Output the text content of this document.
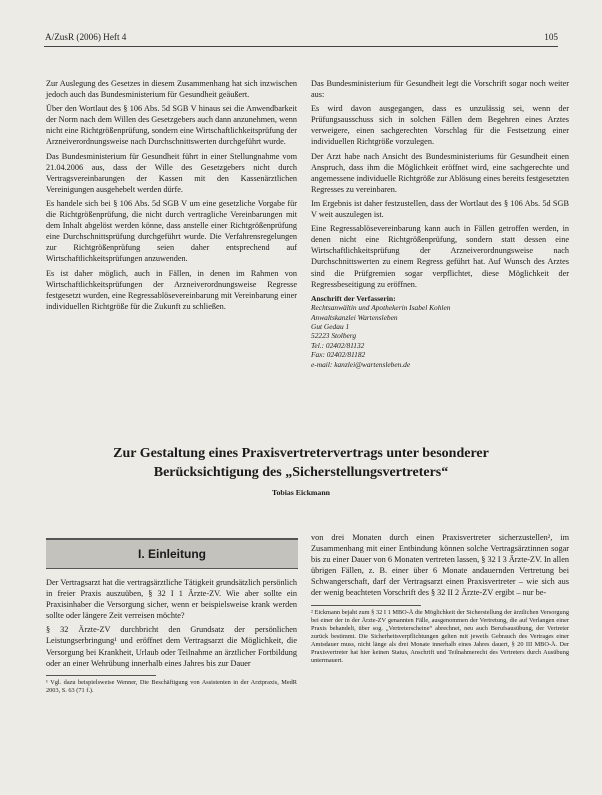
A/ZusR (2006) Heft 4	105

Zur Auslegung des Gesetzes in diesem Zusammenhang hat sich inzwischen jedoch auch das Bundesministerium für Gesundheit geäußert.

Über den Wortlaut des § 106 Abs. 5d SGB V hinaus sei die Anwendbarkeit der Norm nach dem Willen des Gesetzgebers auch dann anzunehmen, wenn nicht eine Richtgrößenprüfung, sondern eine Wirtschaftlichkeitsprüfung der Arzneiverordnungsweise nach Durchschnittswerten durchgeführt wurde.

Das Bundesministerium für Gesundheit führt in einer Stellungnahme vom 21.04.2006 aus, dass der Wille des Gesetzgebers nicht durch Vertragsvereinbarungen der Kassen mit den Kassenärztlichen Vereinigungen ausgehebelt werden dürfe.

Es handele sich bei § 106 Abs. 5d SGB V um eine gesetzliche Vorgabe für die Richtgrößenprüfung, die nicht durch vertragliche Vereinbarungen mit dem Inhalt abgelöst werden könne, dass anstelle einer Richtgrößenprüfung eine Durchschnittsprüfung durchgeführt wurde. Die Verfahrensregelungen zur Richtgrößenprüfung seien daher entsprechend auf Wirtschaftlichkeitsprüfungen anzuwenden.

Es ist daher möglich, auch in Fällen, in denen im Rahmen von Wirtschaftlichkeitsprüfungen der Arzneiverordnungsweise Regresse festgesetzt wurden, eine Regressablösevereinbarung mit Vereinbarung einer individuellen Richtgröße für die Zukunft zu schließen.

Das Bundesministerium für Gesundheit legt die Vorschrift sogar noch weiter aus:

Es wird davon ausgegangen, dass es unzulässig sei, wenn der Prüfungsausschuss sich in solchen Fällen dem Begehren eines Arztes verweigere, einen sachgerechten Vorschlag für die Festsetzung einer individuellen Richtgröße vorzulegen.

Der Arzt habe nach Ansicht des Bundesministeriums für Gesundheit einen Anspruch, dass ihm die Möglichkeit eröffnet wird, eine sachgerechte und angemessene individuelle Richtgröße zur Ablösung eines bereits festgesetzten Regresses zu vereinbaren.

Im Ergebnis ist daher festzustellen, dass der Wortlaut des § 106 Abs. 5d SGB V weit auszulegen ist.

Eine Regressablösevereinbarung kann auch in Fällen getroffen werden, in denen nicht eine Richtgrößenprüfung, sondern statt dessen eine Wirtschaftlichkeitsprüfung der Arzneiverordnungsweise nach Durchschnittswerten zu einem Regress geführt hat. Auf Wunsch des Arztes sind die Prüfgremien sogar verpflichtet, diese Möglichkeit der Regressbeseitigung zu eröffnen.

Anschrift der Verfasserin:
Rechtsanwältin und Apothekerin Isabel Kohlen
Anwaltskanzlei Wartensleben
Gut Gedau 1
52223 Stolberg
Tel.: 02402/81132
Fax: 02402/81182
e-mail: kanzlei@wartensleben.de
Zur Gestaltung eines Praxisvertretervertrags unter besonderer
Berücksichtigung des „Sicherstellungsvertreters“
Tobias Eickmann
I. Einleitung

Der Vertragsarzt hat die vertragsärztliche Tätigkeit grundsätzlich persönlich in freier Praxis auszuüben, § 32 I 1 Ärzte-ZV. Wie aber sollte ein Praxisinhaber die Versorgung sicher, wenn er beispielsweise krank werden sollte oder längere Zeit verreisen möchte?

§ 32 Ärzte-ZV durchbricht den Grundsatz der persönlichen Leistungserbringung¹ und eröffnet dem Vertragsarzt die Möglichkeit, die Versorgung bei Krankheit, Urlaub oder Teilnahme an ärztlicher Fortbildung oder an einer Wehrübung innerhalb eines Jahres bis zur Dauer

¹ Vgl. dazu beispielsweise Wenner, Die Beschäftigung von Assistenten in der Arztpraxis, MedR 2003, S. 63 (71 f.).

von drei Monaten durch einen Praxisvertreter sicherzustellen², im Zusammenhang mit einer Entbindung können solche Vertragsärztinnen sogar bis zu einer Dauer von 6 Monaten vertreten lassen, § 32 I 3 Ärzte-ZV. In allen übrigen Fällen, z. B. einer über 6 Monate andauernden Vertretung bei Schwangerschaft, darf der Vertragsarzt einen Praxisvertreter – wie sich aus der wenig beachteten Vorschrift des § 32 II 2 Ärzte-ZV ergibt – nur be-

² Eickmann bejaht zum § 32 I 1 MBO-Ä die Möglichkeit der Sicherstellung der ärztlichen Versorgung bei einer der in der Ärzte-ZV genannten Fälle, ausgenommen der Vertretung, die auf Verlangen einer Praxis behandelt, über sog. „Vertreterscheine“ abrechnet, neu auch Berufsausübung, der Vertreter zurück bestimmt. Die Sicherheitsverpflichtungen gelten mit jeweils Gebrauch des Vertrages einer Amtsdauer muss, nicht länge als drei Monate innerhalb eines Jahres dauert, § 20 III MBO-Ä. Der Praxisvertreter hat hier keinen Status, Anschrift und Teilnahmerecht des Vertreters durch Ausübung untermauert.
